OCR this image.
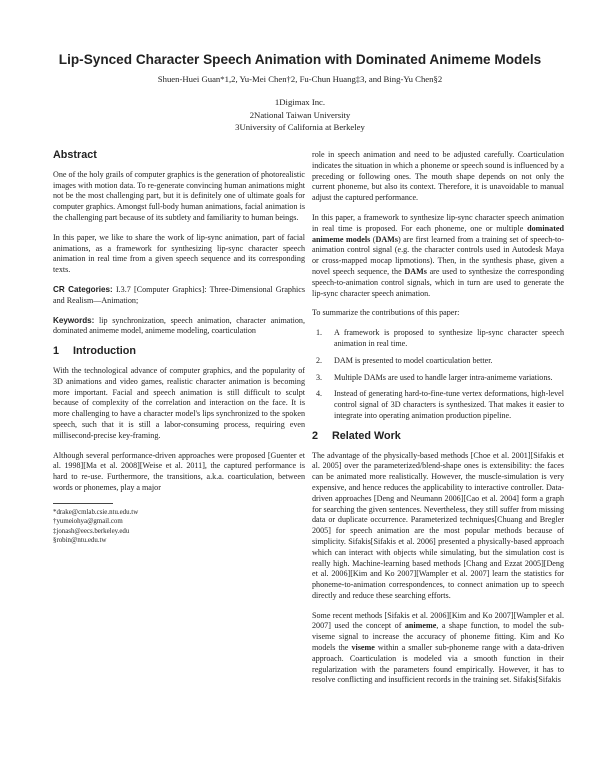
Lip-Synced Character Speech Animation with Dominated Animeme Models
Shuen-Huei Guan*1,2, Yu-Mei Chen†2, Fu-Chun Huang‡3, and Bing-Yu Chen§2
1Digimax Inc.
2National Taiwan University
3University of California at Berkeley
Abstract

One of the holy grails of computer graphics is the generation of photorealistic images with motion data. To re-generate convincing human animations might not be the most challenging part, but it is definitely one of ultimate goals for computer graphics. Amongst full-body human animations, facial animation is the challenging part because of its subtlety and familiarity to human beings.

In this paper, we like to share the work of lip-sync animation, part of facial animations, as a framework for synthesizing lip-sync character speech animation in real time from a given speech sequence and its corresponding texts.

CR Categories: I.3.7 [Computer Graphics]: Three-Dimensional Graphics and Realism—Animation;

Keywords: lip synchronization, speech animation, character animation, dominated animeme model, animeme modeling, coarticulation

1 Introduction

With the technological advance of computer graphics, and the popularity of 3D animations and video games, realistic character animation is becoming more important. Facial and speech animation is still difficult to sculpt because of complexity of the correlation and interaction on the face. It is more challenging to have a character model's lips synchronized to the spoken speech, such that it is still a labor-consuming process, requiring even millisecond-precise key-framing.

Although several performance-driven approaches were proposed [Guenter et al. 1998][Ma et al. 2008][Weise et al. 2011], the captured performance is hard to re-use. Furthermore, the transitions, a.k.a. coarticulation, between words or phonemes, play a major

*drake@cmlab.csie.ntu.edu.tw

†yumeiohya@gmail.com

‡jonash@eecs.berkeley.edu

§robin@ntu.edu.tw

role in speech animation and need to be adjusted carefully. Coarticulation indicates the situation in which a phoneme or speech sound is influenced by a preceding or following ones. The mouth shape depends on not only the current phoneme, but also its context. Therefore, it is unavoidable to manual adjust the captured performance.

In this paper, a framework to synthesize lip-sync character speech animation in real time is proposed. For each phoneme, one or multiple dominated animeme models (DAMs) are first learned from a training set of speech-to-animation control signal (e.g. the character controls used in Autodesk Maya or cross-mapped mocap lipmotions). Then, in the synthesis phase, given a novel speech sequence, the DAMs are used to synthesize the corresponding speech-to-animation control signals, which in turn are used to generate the lip-sync character speech animation.

To summarize the contributions of this paper:

1.	A framework is proposed to synthesize lip-sync character speech animation in real time.
2.	DAM is presented to model coarticulation better.
3.	Multiple DAMs are used to handle larger intra-animeme variations.
4.	Instead of generating hard-to-fine-tune vertex deformations, high-level control signal of 3D characters is synthesized. That makes it easier to integrate into operating animation production pipeline.
2 Related Work

The advantage of the physically-based methods [Choe et al. 2001][Sifakis et al. 2005] over the parameterized/blend-shape ones is extensibility: the faces can be animated more realistically. However, the muscle-simulation is very expensive, and hence reduces the applicability to interactive controller. Data-driven approaches [Deng and Neumann 2006][Cao et al. 2004] form a graph for searching the given sentences. Nevertheless, they still suffer from missing data or duplicate occurrence. Parameterized techniques[Chuang and Bregler 2005] for speech animation are the most popular methods because of simplicity. Sifakis[Sifakis et al. 2006] presented a physically-based approach which can interact with objects while simulating, but the simulation cost is really high. Machine-learning based methods [Chang and Ezzat 2005][Deng et al. 2006][Kim and Ko 2007][Wampler et al. 2007] learn the statistics for phoneme-to-animation correspondences, to connect animation up to speech directly and reduce these searching efforts.

Some recent methods [Sifakis et al. 2006][Kim and Ko 2007][Wampler et al. 2007] used the concept of animeme, a shape function, to model the sub-viseme signal to increase the accuracy of phoneme fitting. Kim and Ko models the viseme within a smaller sub-phoneme range with a data-driven approach. Coarticulation is modeled via a smooth function in their regularization with the parameters found empirically. However, it has to resolve conflicting and insufficient records in the training set. Sifakis[Sifakis
